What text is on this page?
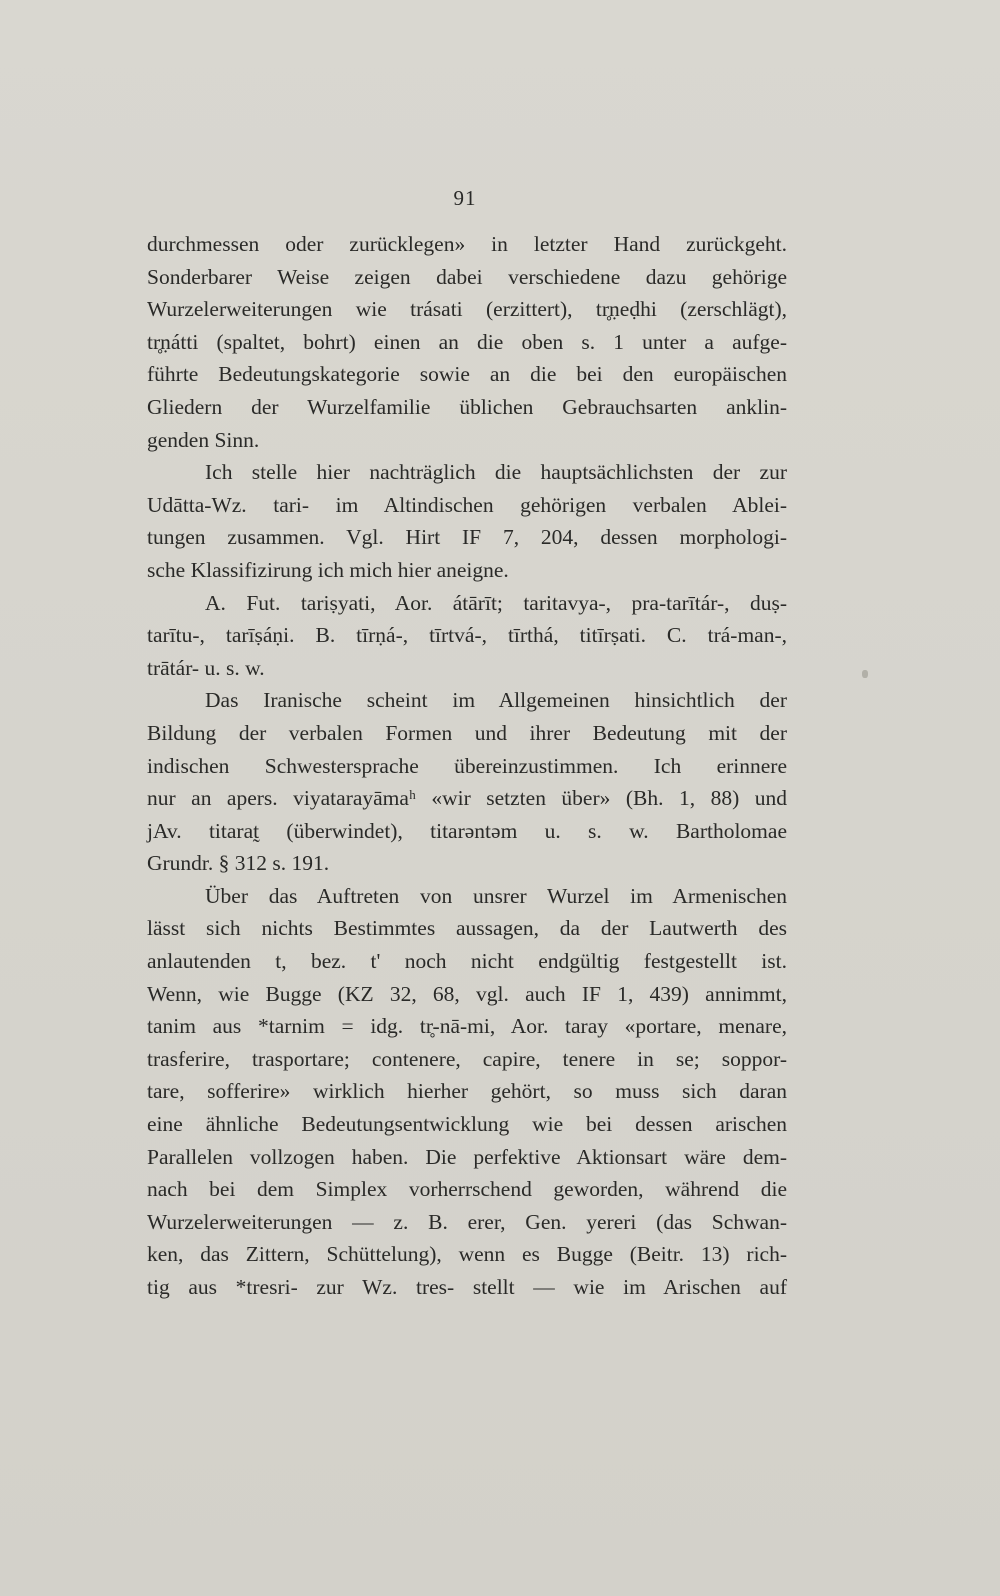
91

durchmessen oder zurücklegen» in letzter Hand zurückgeht.
Sonderbarer Weise zeigen dabei verschiedene dazu gehörige
Wurzelerweiterungen wie trásati (erzittert), tr̥ṇeḍhi (zerschlägt),
tr̥ṇátti (spaltet, bohrt) einen an die oben s. 1 unter a aufge-
führte Bedeutungskategorie sowie an die bei den europäischen
Gliedern der Wurzelfamilie üblichen Gebrauchsarten anklin-
genden Sinn.

Ich stelle hier nachträglich die hauptsächlichsten der zur
Udātta-Wz. tari- im Altindischen gehörigen verbalen Ablei-
tungen zusammen. Vgl. Hirt IF 7, 204, dessen morphologi-
sche Klassifizirung ich mich hier aneigne.

A. Fut. tariṣyati, Aor. átārīt; taritavya-, pra-tarītár-, duṣ-
tarītu-, tarīṣáṇi. B. tīrṇá-, tīrtvá-, tīrthá, titīrṣati. C. trá-man-,
trātár- u. s. w.

Das Iranische scheint im Allgemeinen hinsichtlich der
Bildung der verbalen Formen und ihrer Bedeutung mit der
indischen Schwestersprache übereinzustimmen. Ich erinnere
nur an apers. viyatarayāmaʰ «wir setzten über» (Bh. 1, 88) und
jAv. titarat̰ (überwindet), titarəntəm u. s. w. Bartholomae
Grundr. § 312 s. 191.

Über das Auftreten von unsrer Wurzel im Armenischen
lässt sich nichts Bestimmtes aussagen, da der Lautwerth des
anlautenden t, bez. t' noch nicht endgültig festgestellt ist.
Wenn, wie Bugge (KZ 32, 68, vgl. auch IF 1, 439) annimmt,
tanim aus *tarnim = idg. tr̥-nā-mi, Aor. taray «portare, menare,
trasferire, trasportare; contenere, capire, tenere in se; soppor-
tare, sofferire» wirklich hierher gehört, so muss sich daran
eine ähnliche Bedeutungsentwicklung wie bei dessen arischen
Parallelen vollzogen haben. Die perfektive Aktionsart wäre dem-
nach bei dem Simplex vorherrschend geworden, während die
Wurzelerweiterungen — z. B. erer, Gen. yereri (das Schwan-
ken, das Zittern, Schüttelung), wenn es Bugge (Beitr. 13) rich-
tig aus *tresri- zur Wz. tres- stellt — wie im Arischen auf
